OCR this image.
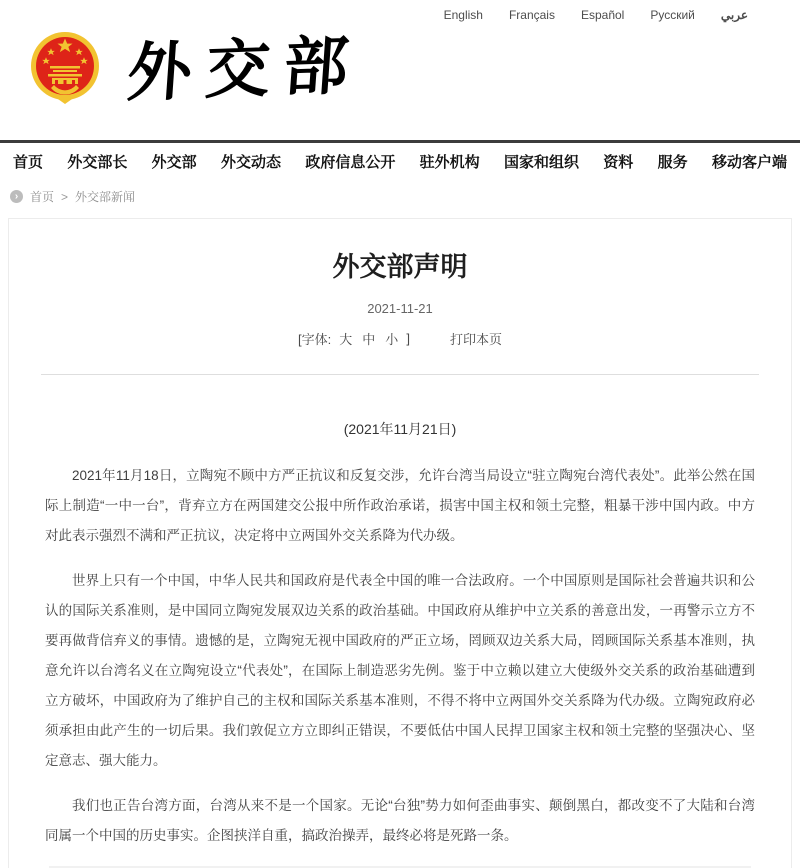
English Français Español Русский عربي
外交部
首页 外交部长 外交部 外交动态 政府信息公开 驻外机构 国家和组织 资料 服务 移动客户端
› 首页 > 外交部新闻
外交部声明
2021-11-21
[字体: 大 中 小 ]	打印本页
(2021年11月21日)

2021年11月18日，立陶宛不顾中方严正抗议和反复交涉，允许台湾当局设立“驻立陶宛台湾代表处”。此举公然在国际上制造“一中一台”，背弃立方在两国建交公报中所作政治承诺，损害中国主权和领土完整，粗暴干涉中国内政。中方对此表示强烈不满和严正抗议，决定将中立两国外交关系降为代办级。

世界上只有一个中国，中华人民共和国政府是代表全中国的唯一合法政府。一个中国原则是国际社会普遍共识和公认的国际关系准则，是中国同立陶宛发展双边关系的政治基础。中国政府从维护中立关系的善意出发，一再警示立方不要再做背信弃义的事情。遗憾的是，立陶宛无视中国政府的严正立场，罔顾双边关系大局，罔顾国际关系基本准则，执意允许以台湾名义在立陶宛设立“代表处”，在国际上制造恶劣先例。鉴于中立赖以建立大使级外交关系的政治基础遭到立方破坏，中国政府为了维护自己的主权和国际关系基本准则，不得不将中立两国外交关系降为代办级。立陶宛政府必须承担由此产生的一切后果。我们敦促立方立即纠正错误，不要低估中国人民捍卫国家主权和领土完整的坚强决心、坚定意志、强大能力。

我们也正告台湾方面，台湾从来不是一个国家。无论“台独”势力如何歪曲事实、颠倒黑白，都改变不了大陆和台湾同属一个中国的历史事实。企图挟洋自重，搞政治操弄，最终必将是死路一条。
